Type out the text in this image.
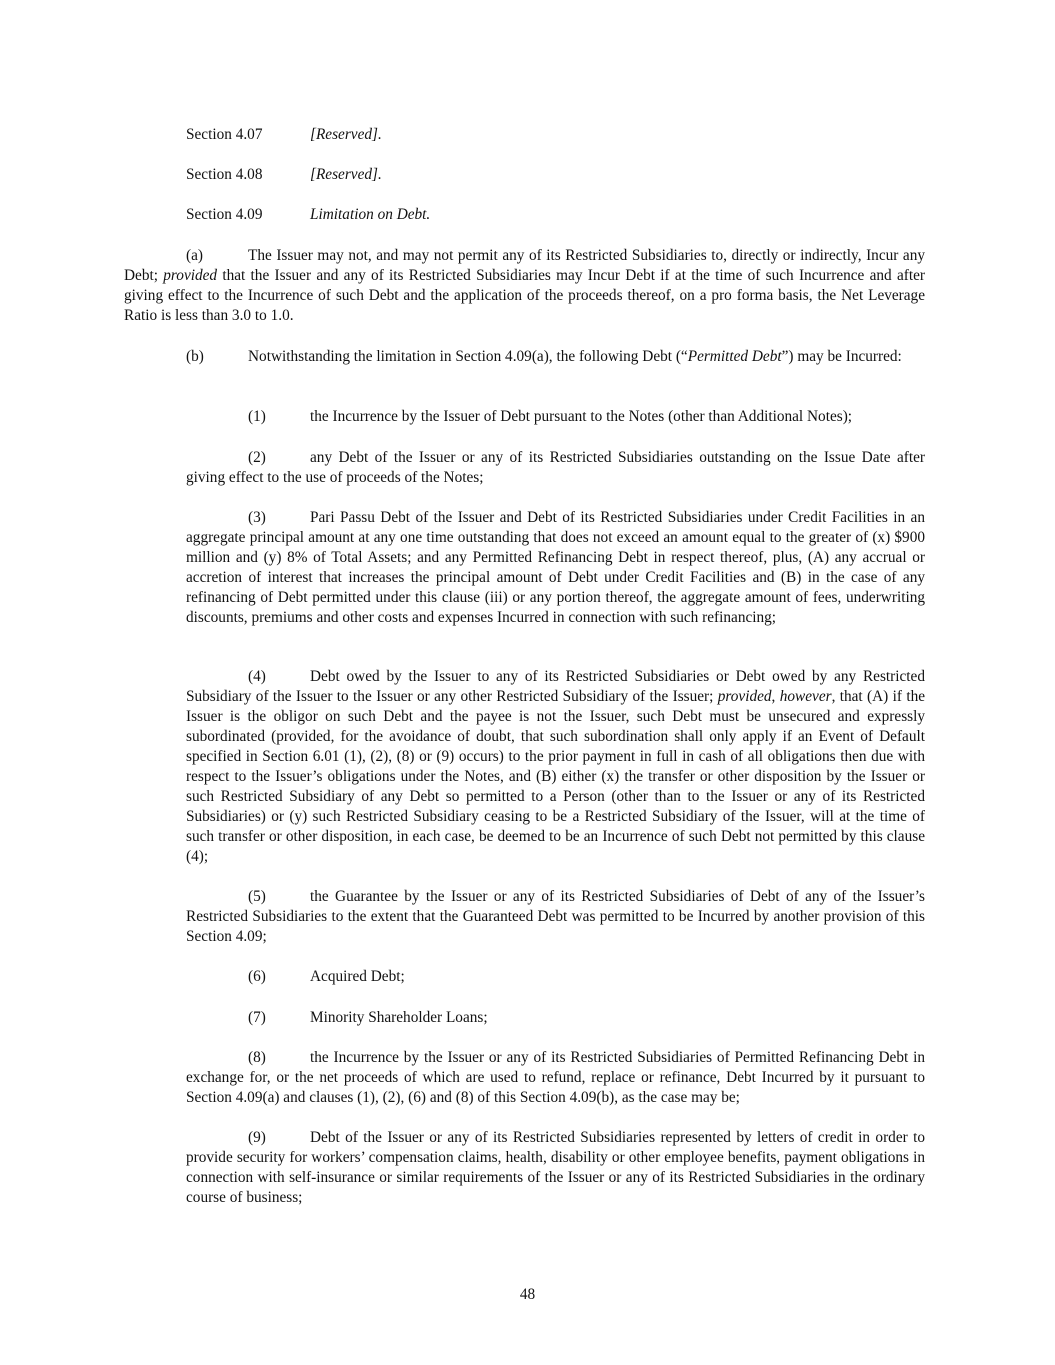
Section 4.07	[Reserved].
Section 4.08	[Reserved].
Section 4.09	Limitation on Debt.

(a)	The Issuer may not, and may not permit any of its Restricted Subsidiaries to, directly or indirectly, Incur any Debt; provided that the Issuer and any of its Restricted Subsidiaries may Incur Debt if at the time of such Incurrence and after giving effect to the Incurrence of such Debt and the application of the proceeds thereof, on a pro forma basis, the Net Leverage Ratio is less than 3.0 to 1.0.

(b)	Notwithstanding the limitation in Section 4.09(a), the following Debt (“Permitted Debt”) may be Incurred:

(1)	the Incurrence by the Issuer of Debt pursuant to the Notes (other than Additional Notes);

(2)	any Debt of the Issuer or any of its Restricted Subsidiaries outstanding on the Issue Date after giving effect to the use of proceeds of the Notes;

(3)	Pari Passu Debt of the Issuer and Debt of its Restricted Subsidiaries under Credit Facilities in an aggregate principal amount at any one time outstanding that does not exceed an amount equal to the greater of (x) $900 million and (y) 8% of Total Assets; and any Permitted Refinancing Debt in respect thereof, plus, (A) any accrual or accretion of interest that increases the principal amount of Debt under Credit Facilities and (B) in the case of any refinancing of Debt permitted under this clause (iii) or any portion thereof, the aggregate amount of fees, underwriting discounts, premiums and other costs and expenses Incurred in connection with such refinancing;

(4)	Debt owed by the Issuer to any of its Restricted Subsidiaries or Debt owed by any Restricted Subsidiary of the Issuer to the Issuer or any other Restricted Subsidiary of the Issuer; provided, however, that (A) if the Issuer is the obligor on such Debt and the payee is not the Issuer, such Debt must be unsecured and expressly subordinated (provided, for the avoidance of doubt, that such subordination shall only apply if an Event of Default specified in Section 6.01 (1), (2), (8) or (9) occurs) to the prior payment in full in cash of all obligations then due with respect to the Issuer’s obligations under the Notes, and (B) either (x) the transfer or other disposition by the Issuer or such Restricted Subsidiary of any Debt so permitted to a Person (other than to the Issuer or any of its Restricted Subsidiaries) or (y) such Restricted Subsidiary ceasing to be a Restricted Subsidiary of the Issuer, will at the time of such transfer or other disposition, in each case, be deemed to be an Incurrence of such Debt not permitted by this clause (4);

(5)	the Guarantee by the Issuer or any of its Restricted Subsidiaries of Debt of any of the Issuer’s Restricted Subsidiaries to the extent that the Guaranteed Debt was permitted to be Incurred by another provision of this Section 4.09;

(6)	Acquired Debt;

(7)	Minority Shareholder Loans;

(8)	the Incurrence by the Issuer or any of its Restricted Subsidiaries of Permitted Refinancing Debt in exchange for, or the net proceeds of which are used to refund, replace or refinance, Debt Incurred by it pursuant to Section 4.09(a) and clauses (1), (2), (6) and (8) of this Section 4.09(b), as the case may be;

(9)	Debt of the Issuer or any of its Restricted Subsidiaries represented by letters of credit in order to provide security for workers’ compensation claims, health, disability or other employee benefits, payment obligations in connection with self-insurance or similar requirements of the Issuer or any of its Restricted Subsidiaries in the ordinary course of business;

48
